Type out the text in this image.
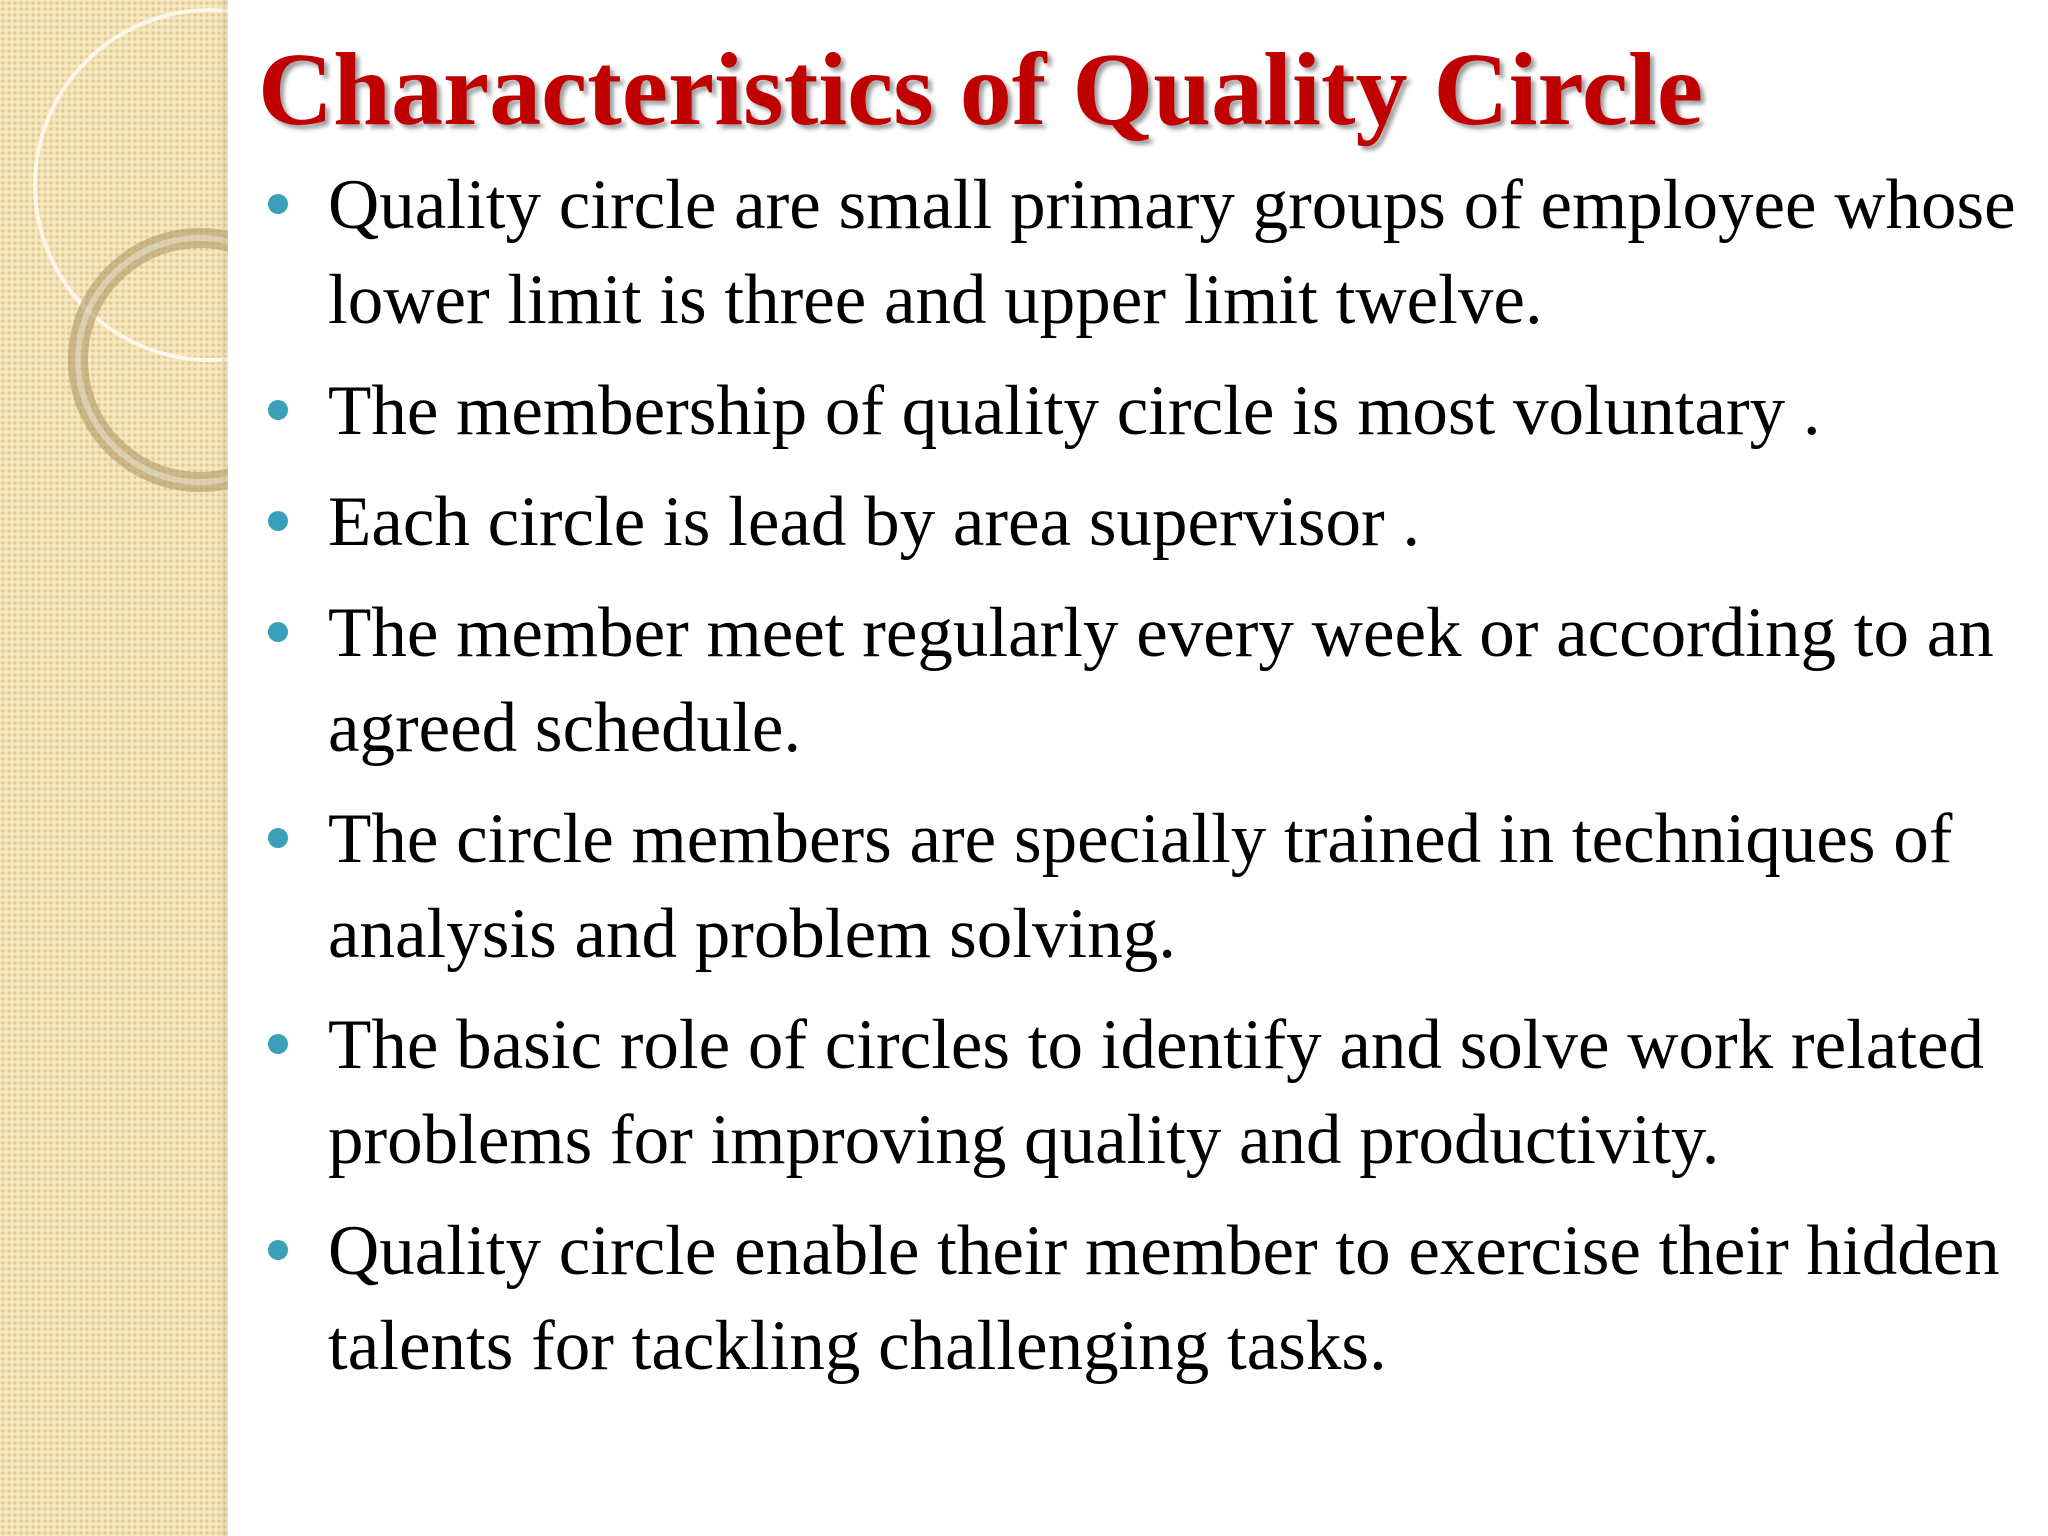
Characteristics of Quality Circle
Quality circle are small primary groups of employee whose lower limit is three and upper limit twelve.
The membership of quality circle is most voluntary .
Each circle is lead by area supervisor .
The member meet regularly every week or according to an agreed schedule.
The circle members are specially trained in techniques of analysis and problem solving.
The basic role of circles to identify and solve work related problems for improving quality and productivity.
Quality circle enable their member to exercise their hidden talents for tackling challenging tasks.
